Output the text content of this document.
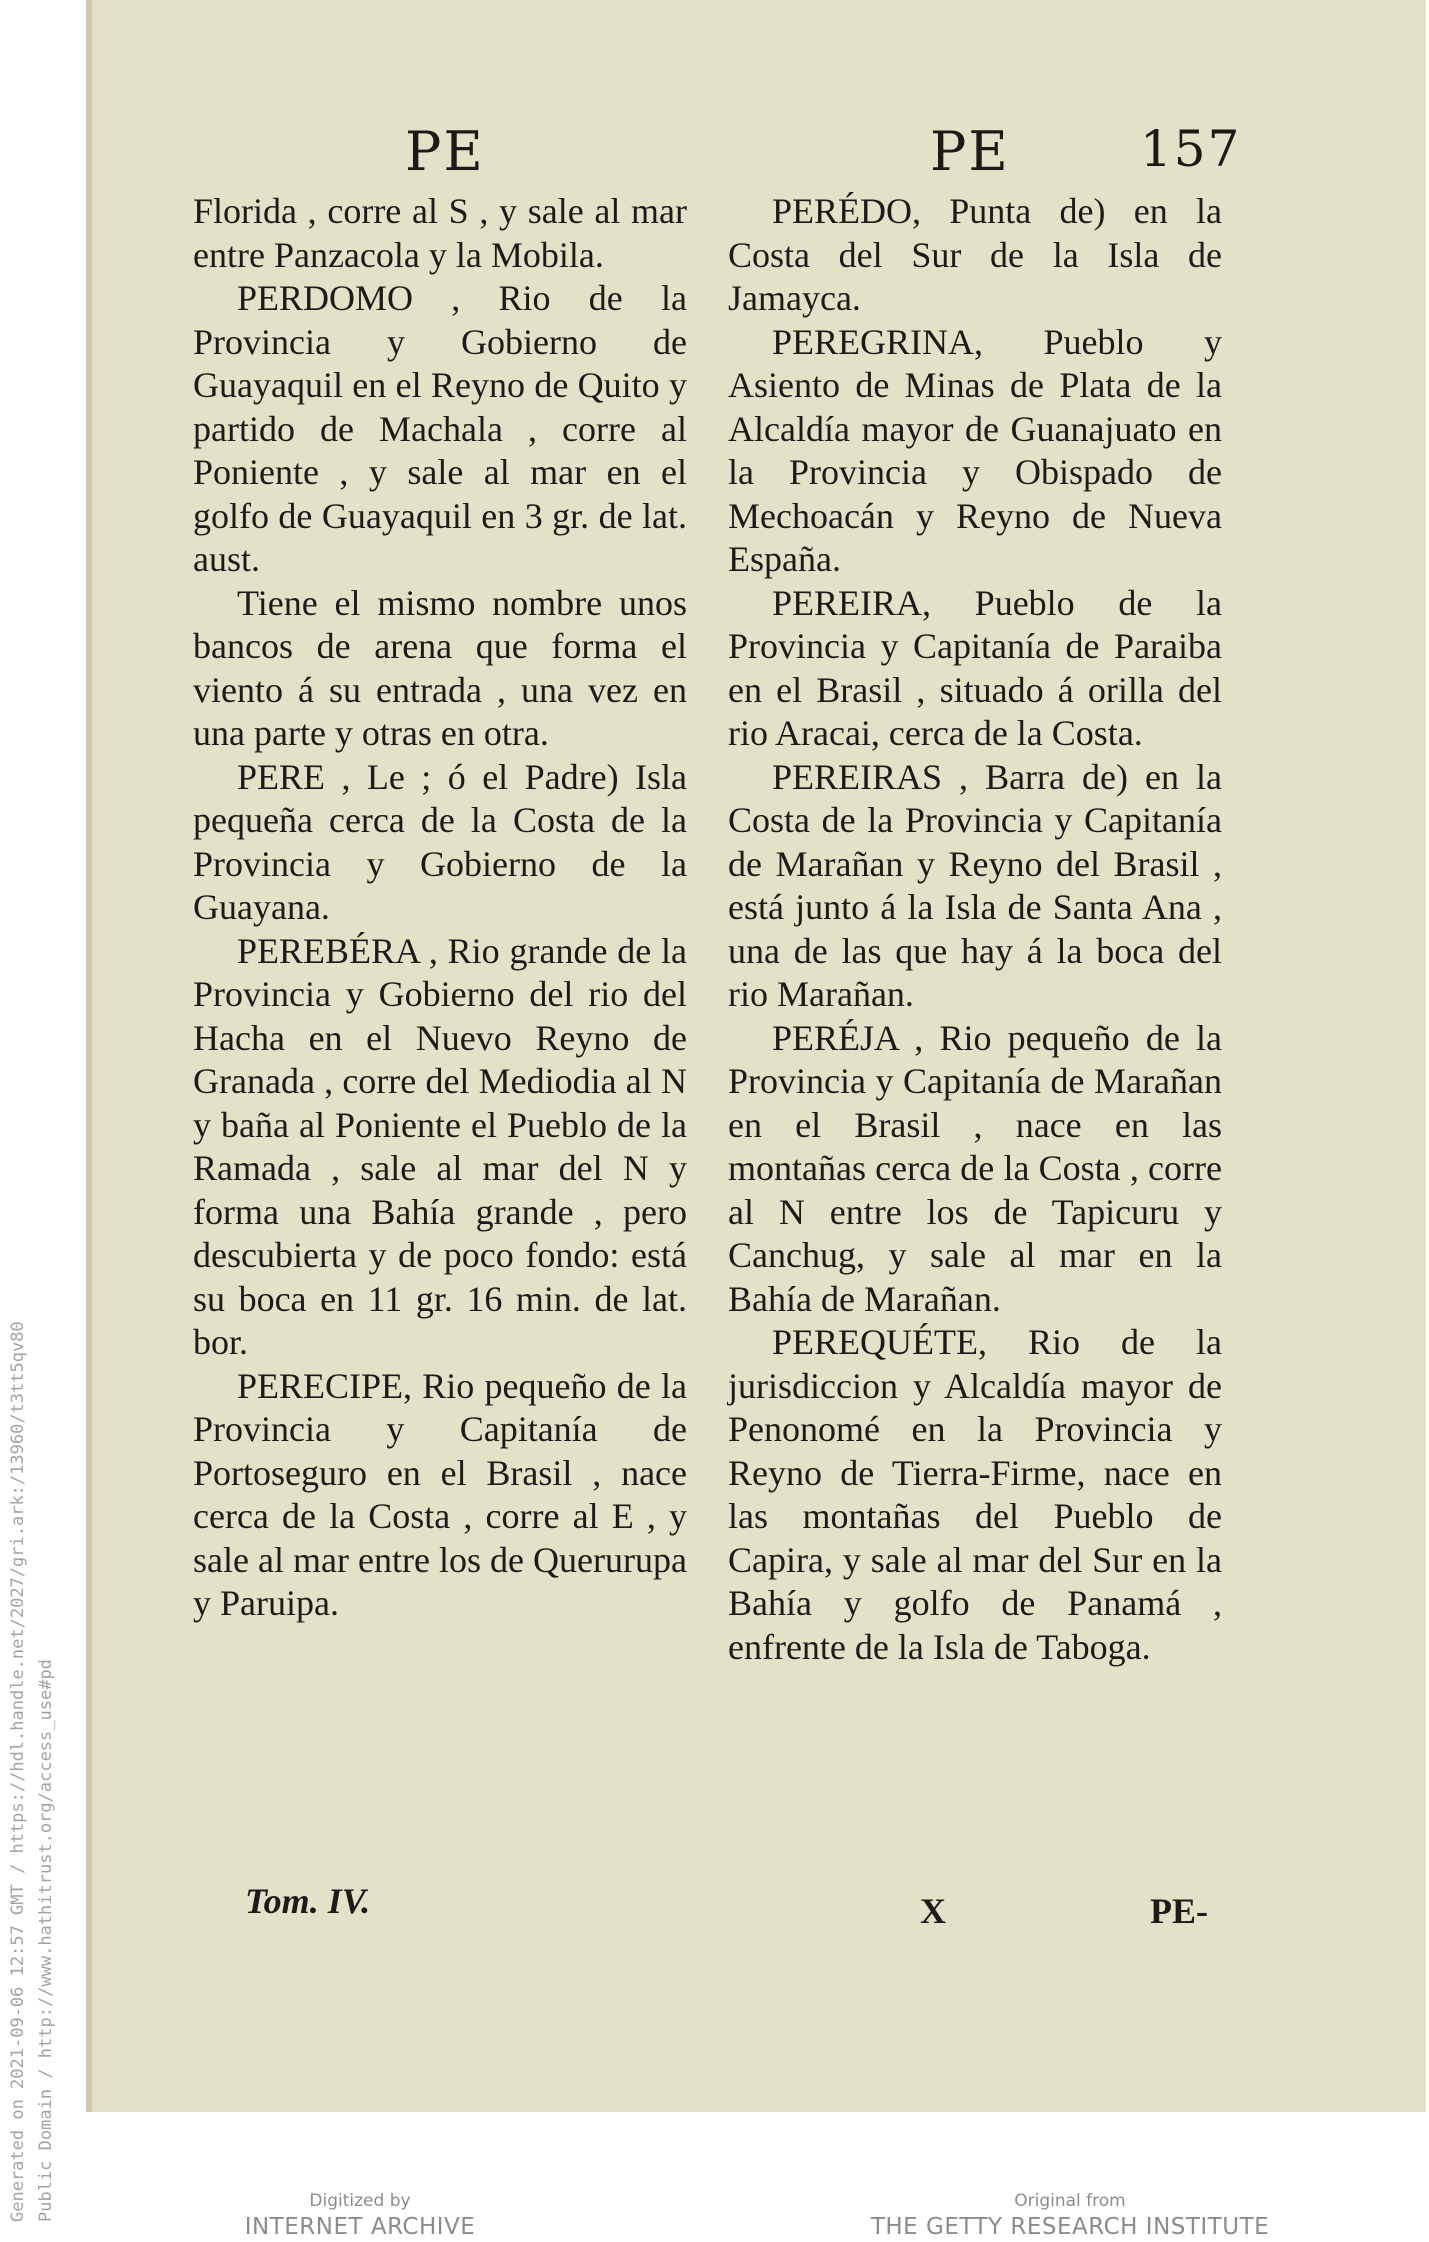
Generated on 2021-09-06 12:57 GMT / https://hdl.handle.net/2027/gri.ark:/13960/t3tt5qv80 Public Domain / http://www.hathitrust.org/access_use#pd
PE	PE	157

Florida , corre al S , y sale al mar entre Panzacola y la Mobila.

PERDOMO , Rio de la Provincia y Gobierno de Guayaquil en el Reyno de Quito y partido de Machala , corre al Poniente , y sale al mar en el golfo de Guayaquil en 3 gr. de lat. aust.

Tiene el mismo nombre unos bancos de arena que forma el viento á su entrada , una vez en una parte y otras en otra.

PERE , Le ; ó el Padre) Isla pequeña cerca de la Costa de la Provincia y Gobierno de la Guayana.

PEREBÉRA , Rio grande de la Provincia y Gobierno del rio del Hacha en el Nuevo Reyno de Granada , corre del Mediodia al N y baña al Poniente el Pueblo de la Ramada , sale al mar del N y forma una Bahía grande , pero descubierta y de poco fondo: está su boca en 11 gr. 16 min. de lat. bor.

PERECIPE, Rio pequeño de la Provincia y Capitanía de Portoseguro en el Brasil , nace cerca de la Costa , corre al E , y sale al mar entre los de Querurupa y Paruipa.

PERÉDO, Punta de) en la Costa del Sur de la Isla de Jamayca.

PEREGRINA, Pueblo y Asiento de Minas de Plata de la Alcaldía mayor de Guanajuato en la Provincia y Obispado de Mechoacán y Reyno de Nueva España.

PEREIRA, Pueblo de la Provincia y Capitanía de Paraiba en el Brasil , situado á orilla del rio Aracai, cerca de la Costa.

PEREIRAS , Barra de) en la Costa de la Provincia y Capitanía de Marañan y Reyno del Brasil , está junto á la Isla de Santa Ana , una de las que hay á la boca del rio Marañan.

PERÉJA , Rio pequeño de la Provincia y Capitanía de Marañan en el Brasil , nace en las montañas cerca de la Costa , corre al N entre los de Tapicuru y Canchug, y sale al mar en la Bahía de Marañan.

PEREQUÉTE, Rio de la jurisdiccion y Alcaldía mayor de Penonomé en la Provincia y Reyno de Tierra-Firme, nace en las montañas del Pueblo de Capira, y sale al mar del Sur en la Bahía y golfo de Panamá , enfrente de la Isla de Taboga.

Tom. IV.	X	PE-
Digitized by
INTERNET ARCHIVE
Original from
THE GETTY RESEARCH INSTITUTE
